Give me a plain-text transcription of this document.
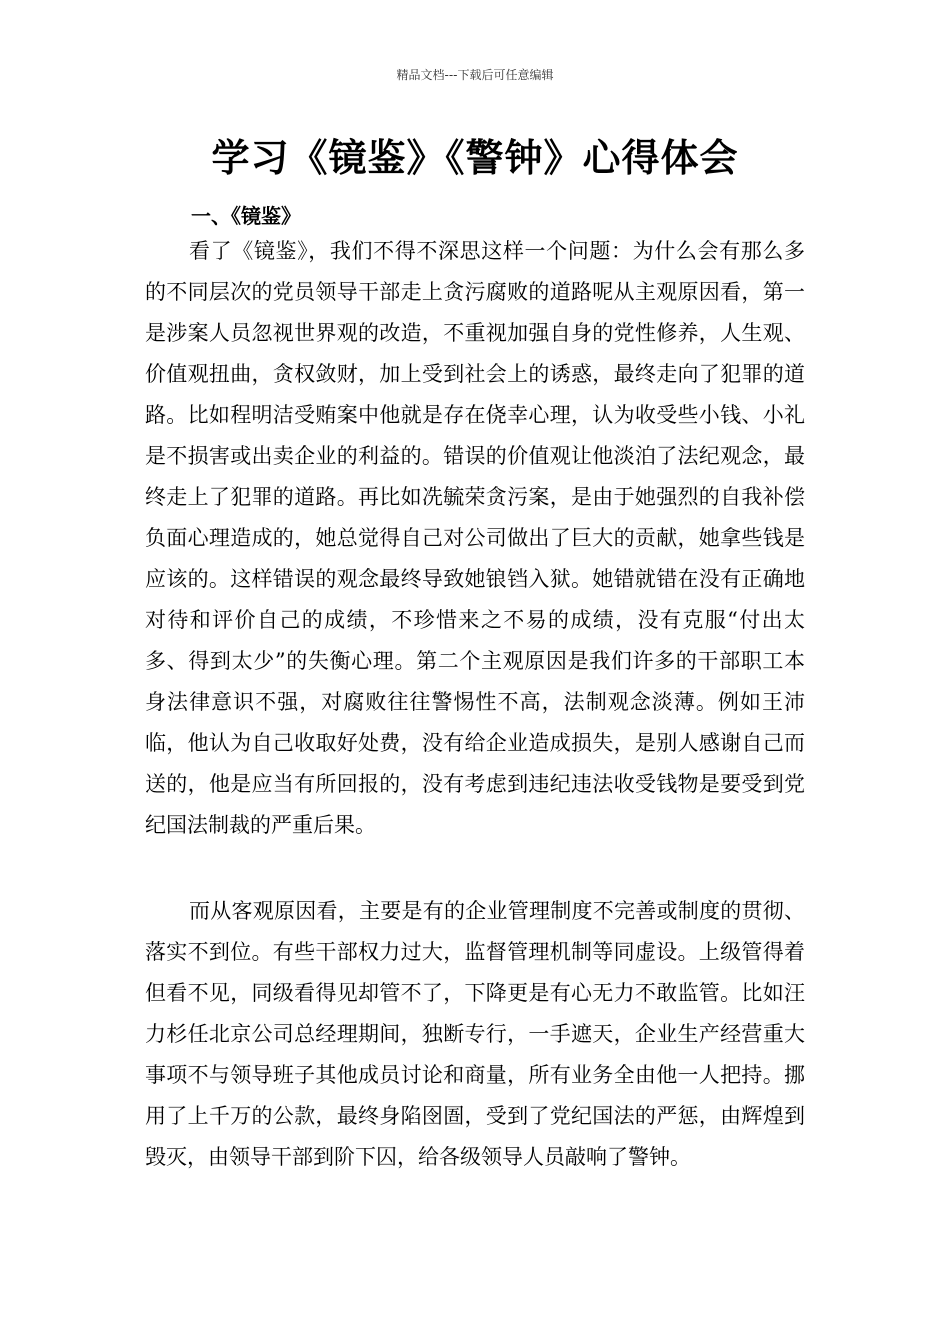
精品文档---下载后可任意编辑
学习《镜鉴》《警钟》心得体会
一、《镜鉴》

看了《镜鉴》，我们不得不深思这样一个问题：为什么会有那么多的不同层次的党员领导干部走上贪污腐败的道路呢从主观原因看，第一是涉案人员忽视世界观的改造，不重视加强自身的党性修养，人生观、价值观扭曲，贪权敛财，加上受到社会上的诱惑，最终走向了犯罪的道路。比如程明洁受贿案中他就是存在侥幸心理，认为收受些小钱、小礼是不损害或出卖企业的利益的。错误的价值观让他淡泊了法纪观念，最终走上了犯罪的道路。再比如冼毓荣贪污案，是由于她强烈的自我补偿负面心理造成的，她总觉得自己对公司做出了巨大的贡献，她拿些钱是应该的。这样错误的观念最终导致她锒铛入狱。她错就错在没有正确地对待和评价自己的成绩，不珍惜来之不易的成绩，没有克服“付出太多、得到太少”的失衡心理。第二个主观原因是我们许多的干部职工本身法律意识不强，对腐败往往警惕性不高，法制观念淡薄。例如王沛临，他认为自己收取好处费，没有给企业造成损失，是别人感谢自己而送的，他是应当有所回报的，没有考虑到违纪违法收受钱物是要受到党纪国法制裁的严重后果。

而从客观原因看，主要是有的企业管理制度不完善或制度的贯彻、落实不到位。有些干部权力过大，监督管理机制等同虚设。上级管得着但看不见，同级看得见却管不了，下降更是有心无力不敢监管。比如汪力杉任北京公司总经理期间，独断专行，一手遮天，企业生产经营重大事项不与领导班子其他成员讨论和商量，所有业务全由他一人把持。挪用了上千万的公款，最终身陷囹圄，受到了党纪国法的严惩，由辉煌到毁灭，由领导干部到阶下囚，给各级领导人员敲响了警钟。
